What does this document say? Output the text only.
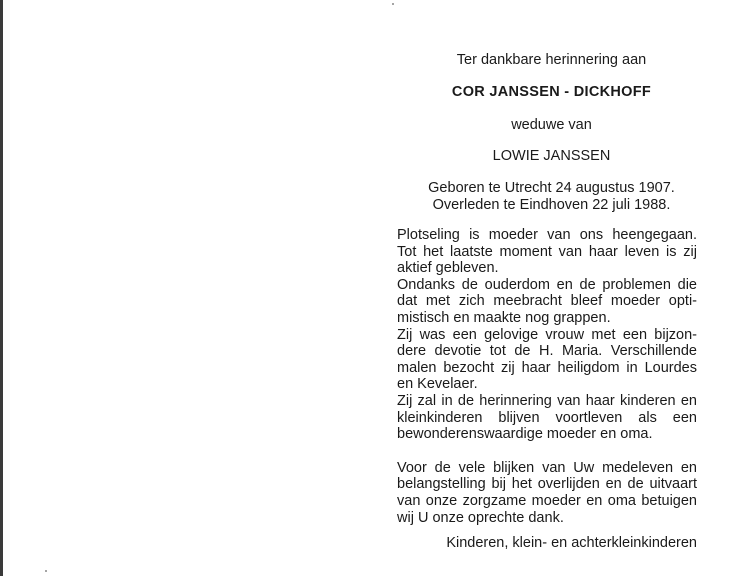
Ter dankbare herinnering aan
COR JANSSEN - DICKHOFF
weduwe van
LOWIE JANSSEN
Geboren te Utrecht 24 augustus 1907.
Overleden te Eindhoven 22 juli 1988.
Plotseling is moeder van ons heengegaan.
Tot het laatste moment van haar leven is zij
aktief gebleven.
Ondanks de ouderdom en de problemen die
dat met zich meebracht bleef moeder opti-
mistisch en maakte nog grappen.
Zij was een gelovige vrouw met een bijzon-
dere devotie tot de H. Maria. Verschillende
malen bezocht zij haar heiligdom in Lourdes
en Kevelaer.
Zij zal in de herinnering van haar kinderen en
kleinkinderen blijven voortleven als een
bewonderenswaardige moeder en oma.
Voor de vele blijken van Uw medeleven en
belangstelling bij het overlijden en de uitvaart
van onze zorgzame moeder en oma betuigen
wij U onze oprechte dank.
Kinderen, klein- en achterkleinkinderen
